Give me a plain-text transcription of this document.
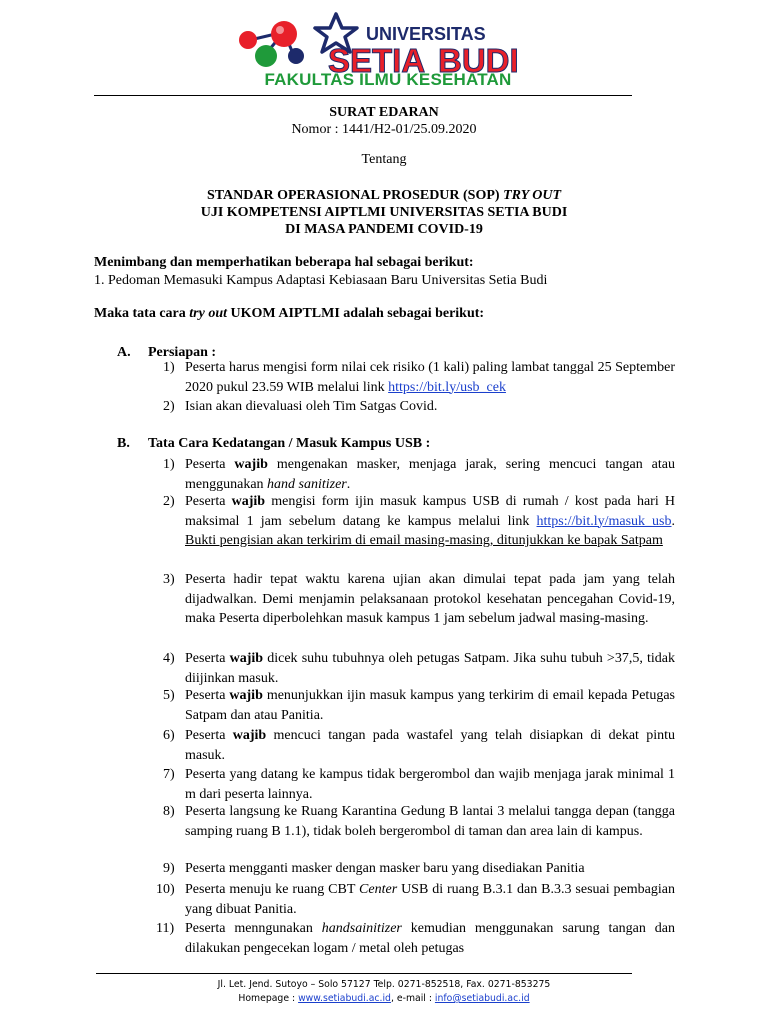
UNIVERSITAS
SETIA BUDI
FAKULTAS ILMU KESEHATAN
SURAT EDARAN
Nomor : 1441/H2-01/25.09.2020
Tentang
STANDAR OPERASIONAL PROSEDUR (SOP) TRY OUT
UJI KOMPETENSI AIPTLMI UNIVERSITAS SETIA BUDI
DI MASA PANDEMI COVID-19
Menimbang dan memperhatikan beberapa hal sebagai berikut:
1. Pedoman Memasuki Kampus Adaptasi Kebiasaan Baru Universitas Setia Budi
Maka tata cara try out UKOM AIPTLMI adalah sebagai berikut:
A. Persiapan :
1) Peserta harus mengisi form nilai cek risiko (1 kali) paling lambat tanggal 25 September 2020 pukul 23.59 WIB melalui link https://bit.ly/usb_cek
2) Isian akan dievaluasi oleh Tim Satgas Covid.
B. Tata Cara Kedatangan / Masuk Kampus USB :
1) Peserta wajib mengenakan masker, menjaga jarak, sering mencuci tangan atau menggunakan hand sanitizer.
2) Peserta wajib mengisi form ijin masuk kampus USB di rumah / kost pada hari H maksimal 1 jam sebelum datang ke kampus melalui link https://bit.ly/masuk_usb. Bukti pengisian akan terkirim di email masing-masing, ditunjukkan ke bapak Satpam
3) Peserta hadir tepat waktu karena ujian akan dimulai tepat pada jam yang telah dijadwalkan. Demi menjamin pelaksanaan protokol kesehatan pencegahan Covid-19, maka Peserta diperbolehkan masuk kampus 1 jam sebelum jadwal masing-masing.
4) Peserta wajib dicek suhu tubuhnya oleh petugas Satpam. Jika suhu tubuh >37,5, tidak diijinkan masuk.
5) Peserta wajib menunjukkan ijin masuk kampus yang terkirim di email kepada Petugas Satpam dan atau Panitia.
6) Peserta wajib mencuci tangan pada wastafel yang telah disiapkan di dekat pintu masuk.
7) Peserta yang datang ke kampus tidak bergerombol dan wajib menjaga jarak minimal 1 m dari peserta lainnya.
8) Peserta langsung ke Ruang Karantina Gedung B lantai 3 melalui tangga depan (tangga samping ruang B 1.1), tidak boleh bergerombol di taman dan area lain di kampus.
9) Peserta mengganti masker dengan masker baru yang disediakan Panitia
10) Peserta menuju ke ruang CBT Center USB di ruang B.3.1 dan B.3.3 sesuai pembagian yang dibuat Panitia.
11) Peserta menngunakan handsainitizer kemudian menggunakan sarung tangan dan dilakukan pengecekan logam / metal oleh petugas
Jl. Let. Jend. Sutoyo – Solo 57127 Telp. 0271-852518, Fax. 0271-853275
Homepage : www.setiabudi.ac.id, e-mail : info@setiabudi.ac.id
